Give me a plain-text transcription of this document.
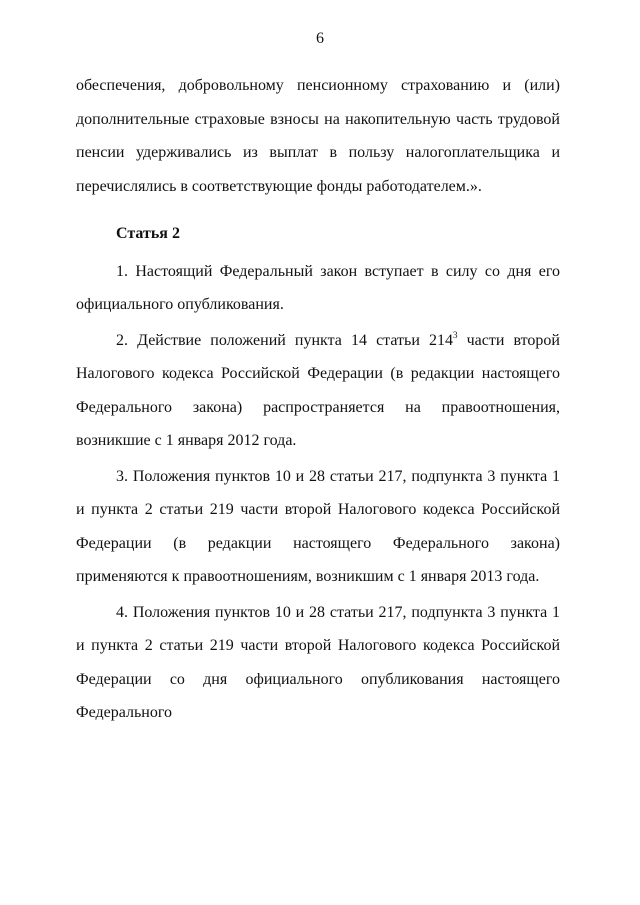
6

обеспечения, добровольному пенсионному страхованию и (или) дополнительные страховые взносы на накопительную часть трудовой пенсии удерживались из выплат в пользу налогоплательщика и перечислялись в соответствующие фонды работодателем.».

Статья 2

1. Настоящий Федеральный закон вступает в силу со дня его официального опубликования.

2. Действие положений пункта 14 статьи $214^3$ части второй Налогового кодекса Российской Федерации (в редакции настоящего Федерального закона) распространяется на правоотношения, возникшие с 1 января 2012 года.

3. Положения пунктов 10 и 28 статьи 217, подпункта 3 пункта 1 и пункта 2 статьи 219 части второй Налогового кодекса Российской Федерации (в редакции настоящего Федерального закона) применяются к правоотношениям, возникшим с 1 января 2013 года.

4. Положения пунктов 10 и 28 статьи 217, подпункта 3 пункта 1 и пункта 2 статьи 219 части второй Налогового кодекса Российской Федерации со дня официального опубликования настоящего Федерального
